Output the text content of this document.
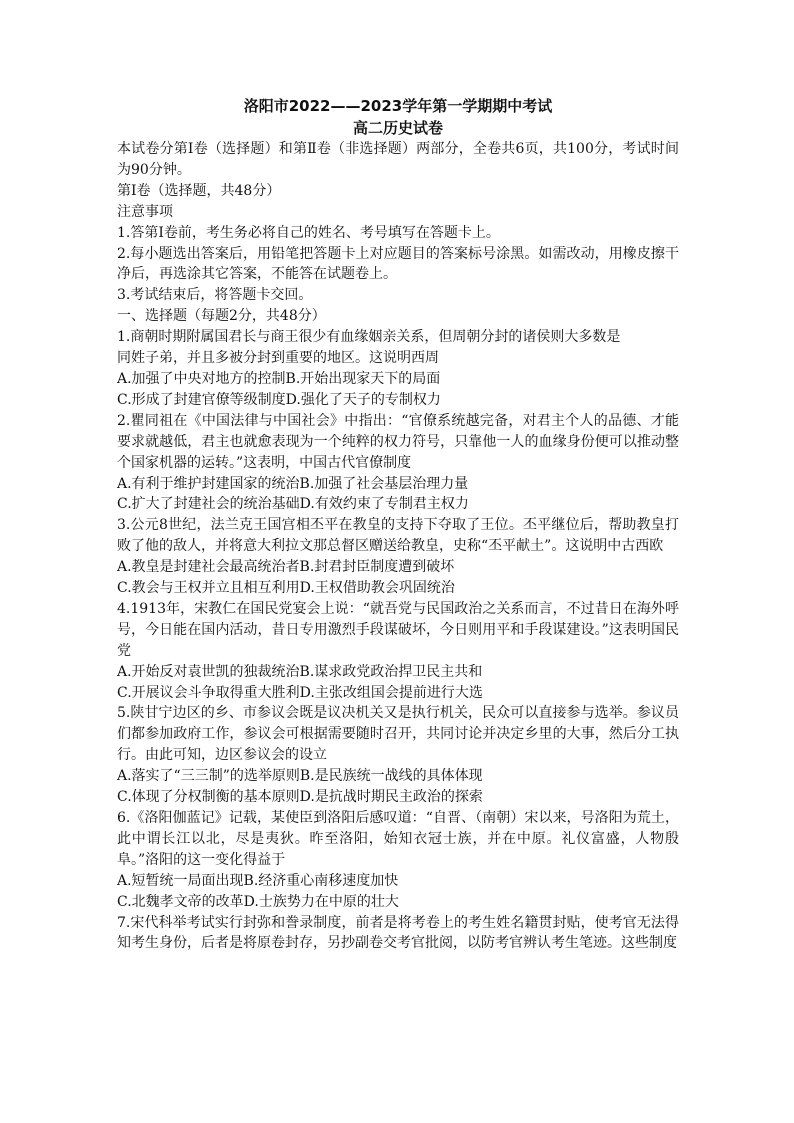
洛阳市2022——2023学年第一学期期中考试

高二历史试卷

本试卷分第Ⅰ卷（选择题）和第Ⅱ卷（非选择题）两部分，全卷共6页，共100分，考试时间为90分钟。

第Ⅰ卷（选择题，共48分）

注意事项

1.答第Ⅰ卷前，考生务必将自己的姓名、考号填写在答题卡上。

2.每小题选出答案后，用铅笔把答题卡上对应题目的答案标号涂黑。如需改动，用橡皮擦干净后，再选涂其它答案，不能答在试题卷上。

3.考试结束后，将答题卡交回。

一、选择题（每题2分，共48分）

1.商朝时期附属国君长与商王很少有血缘姻亲关系，但周朝分封的诸侯则大多数是

同姓子弟，并且多被分封到重要的地区。这说明西周

A.加强了中央对地方的控制B.开始出现家天下的局面

C.形成了封建官僚等级制度D.强化了天子的专制权力

2.瞿同祖在《中国法律与中国社会》中指出：“官僚系统越完备，对君主个人的品德、才能要求就越低，君主也就愈表现为一个纯粹的权力符号，只靠他一人的血缘身份便可以推动整个国家机器的运转。”这表明，中国古代官僚制度

A.有利于维护封建国家的统治B.加强了社会基层治理力量

C.扩大了封建社会的统治基础D.有效约束了专制君主权力

3.公元8世纪，法兰克王国宫相丕平在教皇的支持下夺取了王位。丕平继位后，帮助教皇打败了他的敌人，并将意大利拉文那总督区赠送给教皇，史称“丕平献土”。这说明中古西欧

A.教皇是封建社会最高统治者B.封君封臣制度遭到破坏

C.教会与王权并立且相互利用D.王权借助教会巩固统治

4.1913年，宋教仁在国民党宴会上说：“就吾党与民国政治之关系而言，不过昔日在海外呼号，今日能在国内活动，昔日专用激烈手段谋破坏，今日则用平和手段谋建设。”这表明国民党

A.开始反对袁世凯的独裁统治B.谋求政党政治捍卫民主共和

C.开展议会斗争取得重大胜利D.主张改组国会提前进行大选

5.陕甘宁边区的乡、市参议会既是议决机关又是执行机关，民众可以直接参与选举。参议员们都参加政府工作，参议会可根据需要随时召开，共同讨论并决定乡里的大事，然后分工执行。由此可知，边区参议会的设立

A.落实了“三三制”的选举原则B.是民族统一战线的具体体现

C.体现了分权制衡的基本原则D.是抗战时期民主政治的探索

6.《洛阳伽蓝记》记载，某使臣到洛阳后感叹道：“自晋、（南朝）宋以来，号洛阳为荒土，此中谓长江以北，尽是夷狄。昨至洛阳，始知衣冠士族，并在中原。礼仪富盛，人物殷阜。”洛阳的这一变化得益于

A.短暂统一局面出现B.经济重心南移速度加快

C.北魏孝文帝的改革D.士族势力在中原的壮大

7.宋代科举考试实行封弥和誊录制度，前者是将考卷上的考生姓名籍贯封贴，使考官无法得知考生身份，后者是将原卷封存，另抄副卷交考官批阅，以防考官辨认考生笔迹。这些制度
